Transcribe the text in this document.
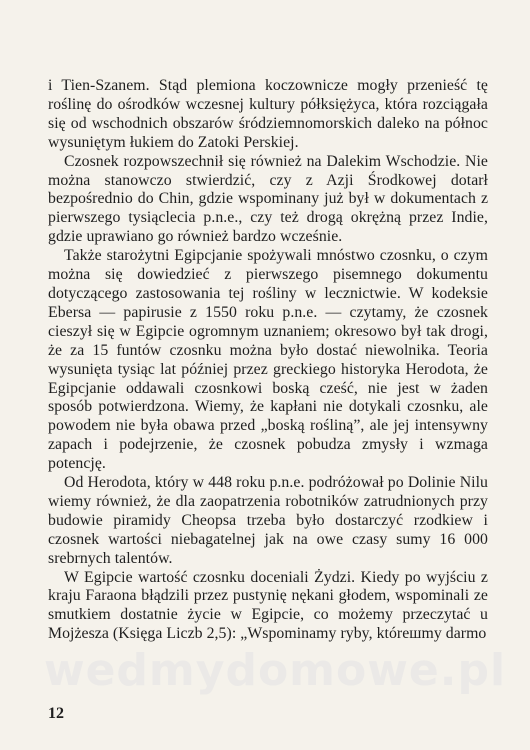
i Tien-Szanem. Stąd plemiona koczownicze mogły przenieść tę roślinę do ośrodków wczesnej kultury półksiężyca, która rozciągała się od wschodnich obszarów śródziemnomorskich daleko na północ wysuniętym łukiem do Zatoki Perskiej.

Czosnek rozpowszechnił się również na Dalekim Wschodzie. Nie można stanowczo stwierdzić, czy z Azji Środkowej dotarł bezpośrednio do Chin, gdzie wspominany już był w dokumentach z pierwszego tysiąclecia p.n.e., czy też drogą okrężną przez Indie, gdzie uprawiano go również bardzo wcześnie.

Także starożytni Egipcjanie spożywali mnóstwo czosnku, o czym można się dowiedzieć z pierwszego pisemnego dokumentu dotyczącego zastosowania tej rośliny w lecznictwie. W kodeksie Ebersa — papirusie z 1550 roku p.n.e. — czytamy, że czosnek cieszył się w Egipcie ogromnym uznaniem; okresowo był tak drogi, że za 15 funtów czosnku można było dostać niewolnika. Teoria wysunięta tysiąc lat później przez greckiego historyka Herodota, że Egipcjanie oddawali czosnkowi boską cześć, nie jest w żaden sposób potwierdzona. Wiemy, że kapłani nie dotykali czosnku, ale powodem nie była obawa przed „boską rośliną”, ale jej intensywny zapach i podejrzenie, że czosnek pobudza zmysły i wzmaga potencję.

Od Herodota, który w 448 roku p.n.e. podróżował po Dolinie Nilu wiemy również, że dla zaopatrzenia robotników zatrudnionych przy budowie piramidy Cheopsa trzeba było dostarczyć rzodkiew i czosnek wartości niebagatelnej jak na owe czasy sumy 16 000 srebrnych talentów.

W Egipcie wartość czosnku doceniali Żydzi. Kiedy po wyjściu z kraju Faraona błądzili przez pustynię nękani głodem, wspominali ze smutkiem dostatnie życie w Egipcie, co możemy przeczytać u Mojżesza (Księga Liczb 2,5): „Wspominamy ryby, którешmy darmo

wedmydomowe.pl
12
